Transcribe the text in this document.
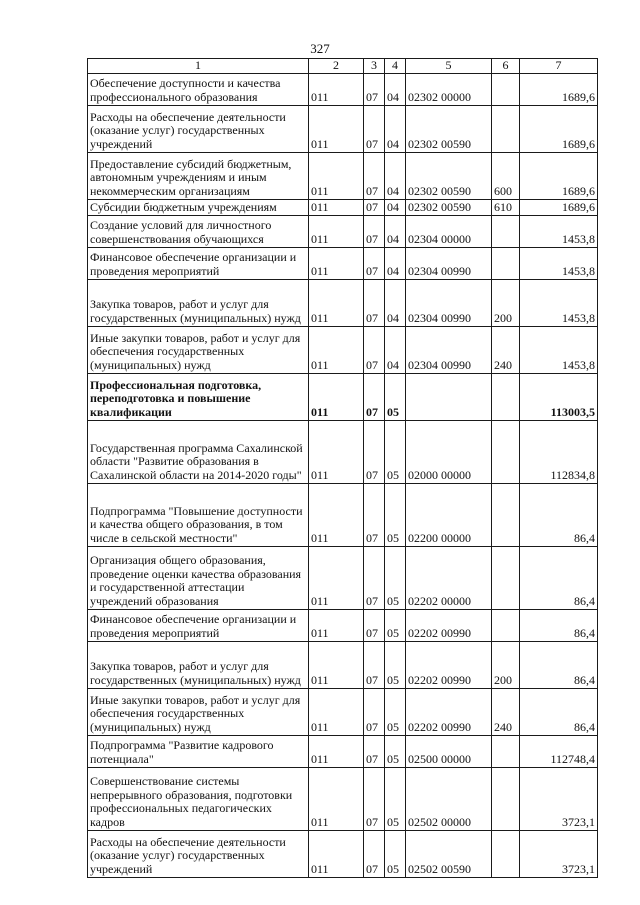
327
1	2	3	4	5	6	7
Обеспечение доступности и качества профессионального образования	011	07	04	02302 00000		1689,6
Расходы на обеспечение деятельности (оказание услуг) государственных учреждений	011	07	04	02302 00590		1689,6
Предоставление субсидий бюджетным, автономным учреждениям и иным некоммерческим организациям	011	07	04	02302 00590	600	1689,6
Субсидии бюджетным учреждениям	011	07	04	02302 00590	610	1689,6
Создание условий для личностного совершенствования обучающихся	011	07	04	02304 00000		1453,8
Финансовое обеспечение организации и проведения мероприятий	011	07	04	02304 00990		1453,8
Закупка товаров, работ и услуг для государственных (муниципальных) нужд	011	07	04	02304 00990	200	1453,8
Иные закупки товаров, работ и услуг для обеспечения государственных (муниципальных) нужд	011	07	04	02304 00990	240	1453,8
Профессиональная подготовка, переподготовка и повышение квалификации	011	07	05			113003,5
Государственная программа Сахалинской области "Развитие образования в Сахалинской области на 2014-2020 годы"	011	07	05	02000 00000		112834,8
Подпрограмма "Повышение доступности и качества общего образования, в том числе в сельской местности"	011	07	05	02200 00000		86,4
Организация общего образования, проведение оценки качества образования и государственной аттестации учреждений образования	011	07	05	02202 00000		86,4
Финансовое обеспечение организации и проведения мероприятий	011	07	05	02202 00990		86,4
Закупка товаров, работ и услуг для государственных (муниципальных) нужд	011	07	05	02202 00990	200	86,4
Иные закупки товаров, работ и услуг для обеспечения государственных (муниципальных) нужд	011	07	05	02202 00990	240	86,4
Подпрограмма "Развитие кадрового потенциала"	011	07	05	02500 00000		112748,4
Совершенствование системы непрерывного образования, подготовки профессиональных педагогических кадров	011	07	05	02502 00000		3723,1
Расходы на обеспечение деятельности (оказание услуг) государственных учреждений	011	07	05	02502 00590		3723,1
